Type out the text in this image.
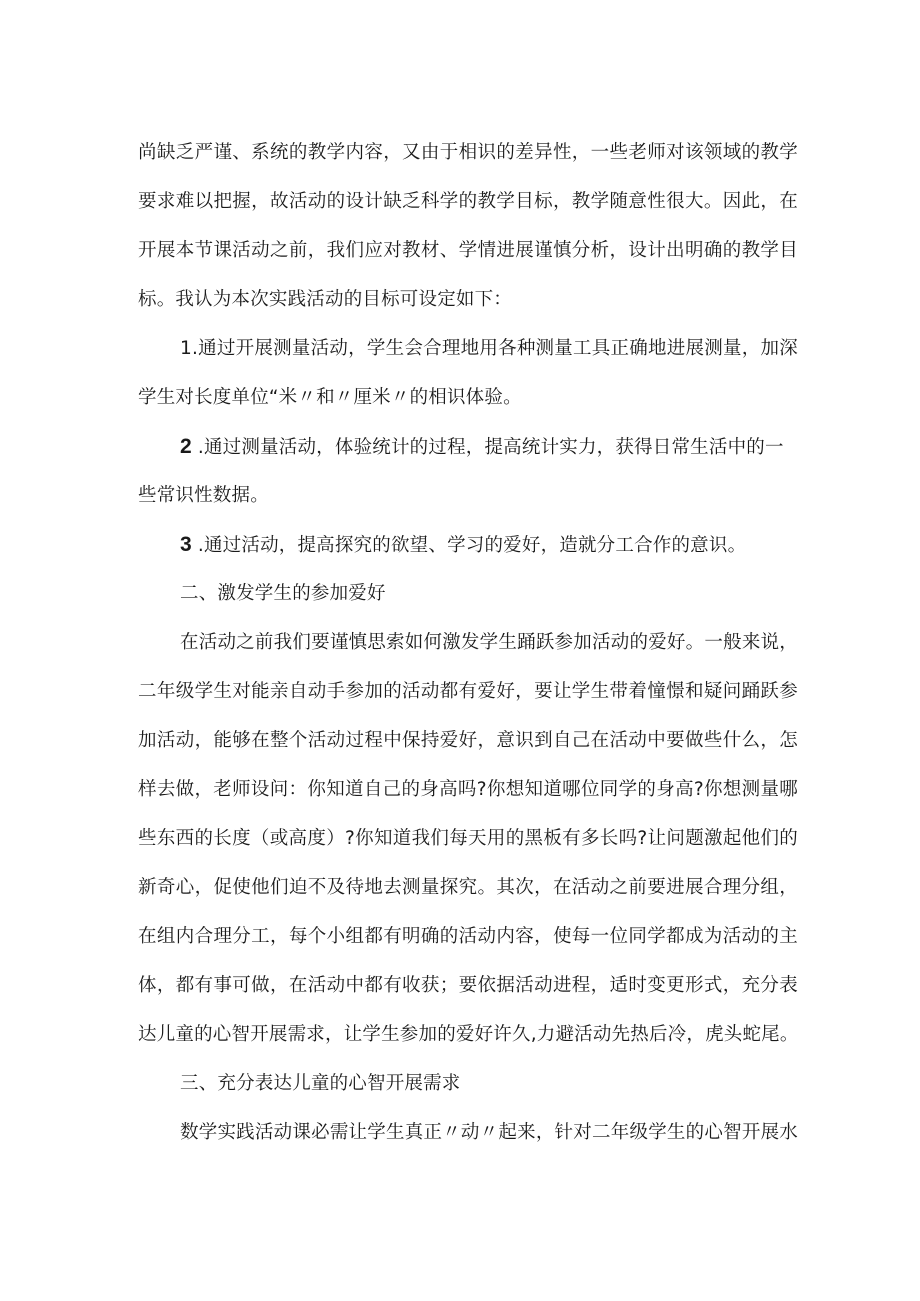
尚缺乏严谨、系统的教学内容，又由于相识的差异性，一些老师对该领域的教学
要求难以把握，故活动的设计缺乏科学的教学目标，教学随意性很大。因此，在
开展本节课活动之前，我们应对教材、学情进展谨慎分析，设计出明确的教学目
标。我认为本次实践活动的目标可设定如下：
1.通过开展测量活动，学生会合理地用各种测量工具正确地进展测量，加深
学生对长度单位“米〃和〃厘米〃的相识体验。
2 .通过测量活动，体验统计的过程，提高统计实力，获得日常生活中的一
些常识性数据。
3 .通过活动，提高探究的欲望、学习的爱好，造就分工合作的意识。
二、激发学生的参加爱好
在活动之前我们要谨慎思索如何激发学生踊跃参加活动的爱好。一般来说，
二年级学生对能亲自动手参加的活动都有爱好，要让学生带着憧憬和疑问踊跃参
加活动，能够在整个活动过程中保持爱好，意识到自己在活动中要做些什么，怎
样去做，老师设问：你知道自己的身高吗?你想知道哪位同学的身高?你想测量哪
些东西的长度（或高度）?你知道我们每天用的黑板有多长吗?让问题激起他们的
新奇心，促使他们迫不及待地去测量探究。其次，在活动之前要进展合理分组，
在组内合理分工，每个小组都有明确的活动内容，使每一位同学都成为活动的主
体，都有事可做，在活动中都有收获；要依据活动进程，适时变更形式，充分表
达儿童的心智开展需求，让学生参加的爱好许久,力避活动先热后冷，虎头蛇尾。
三、充分表达儿童的心智开展需求
数学实践活动课必需让学生真正〃动〃起来，针对二年级学生的心智开展水
